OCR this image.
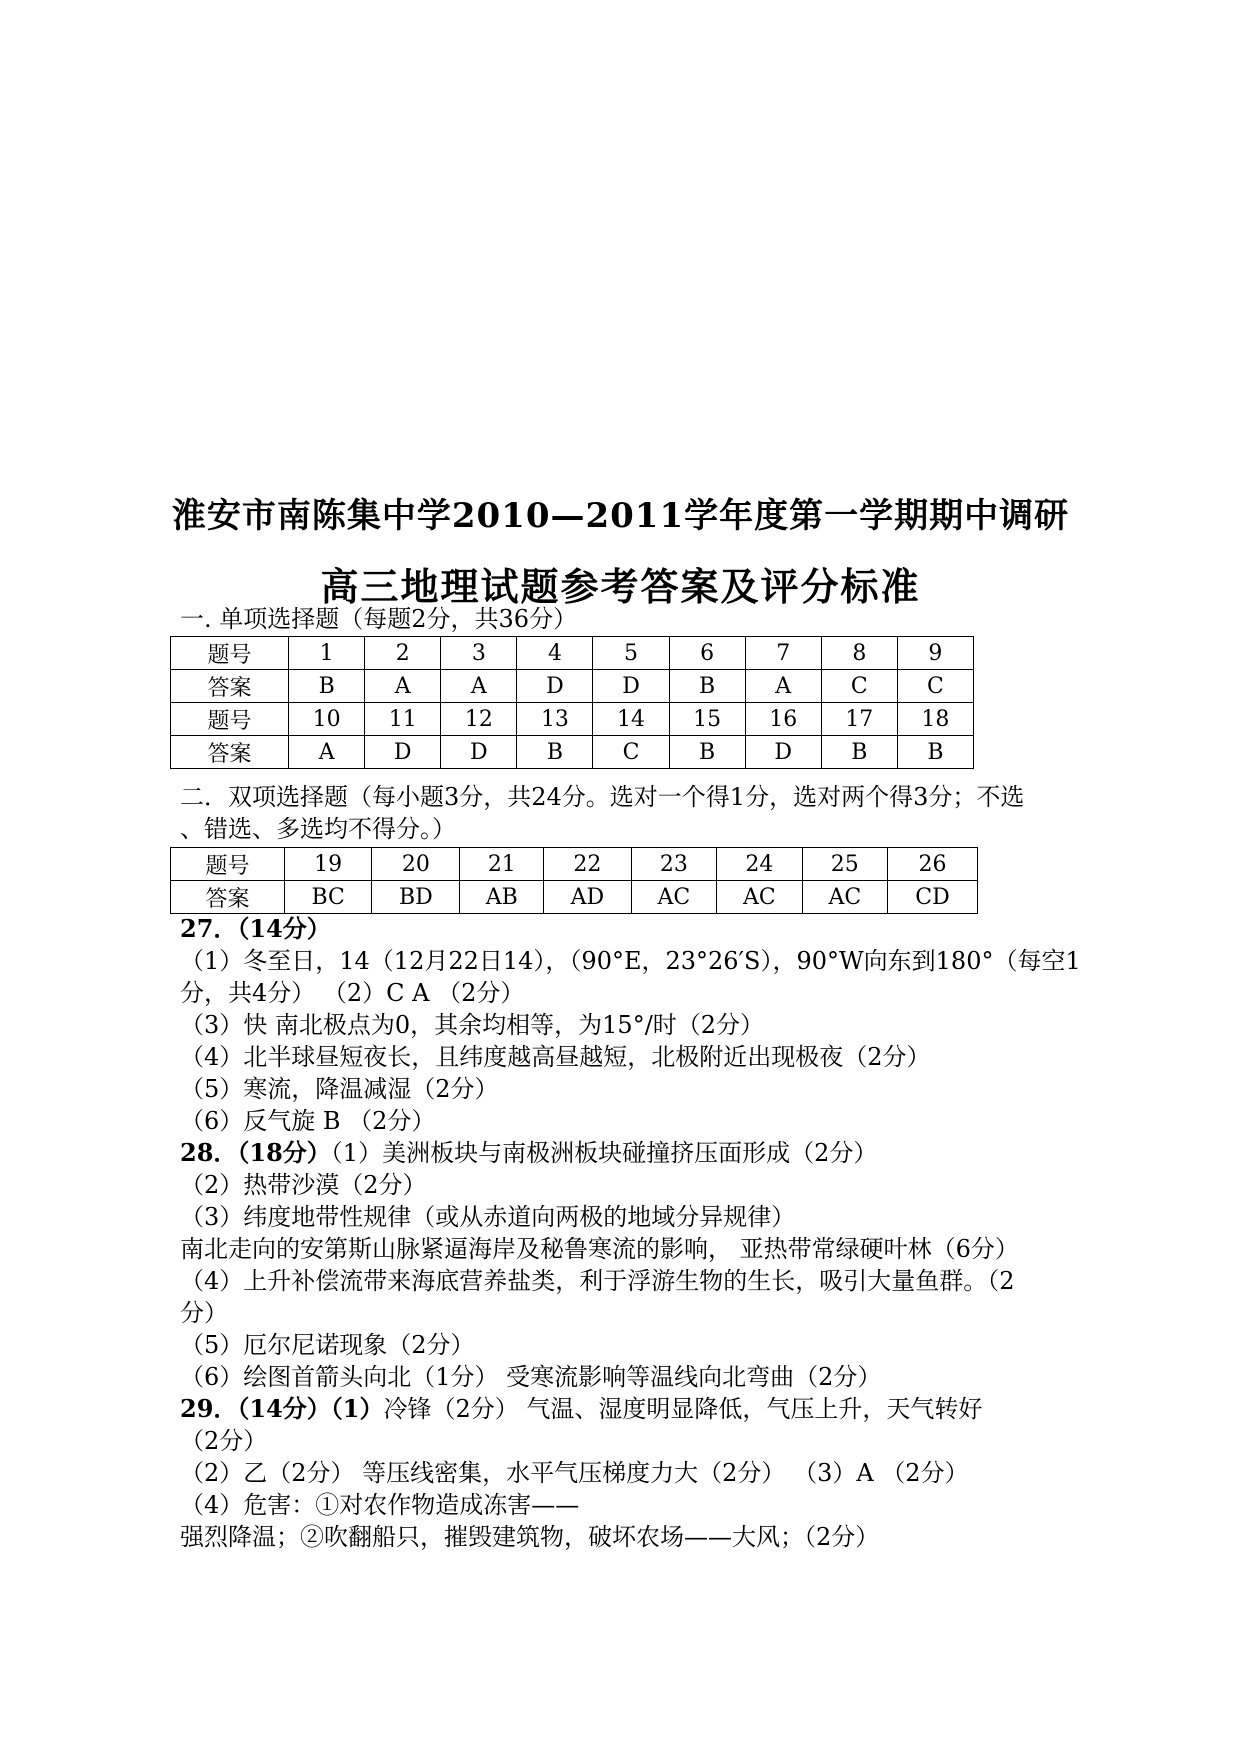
淮安市南陈集中学2010—2011学年度第一学期期中调研
高三地理试题参考答案及评分标准
一. 单项选择题（每题2分，共36分）
题号	1	2	3	4	5	6	7	8	9
答案	B	A	A	D	D	B	A	C	C
题号	10	11	12	13	14	15	16	17	18
答案	A	D	D	B	C	B	D	B	B
二．双项选择题（每小题3分，共24分。选对一个得1分，选对两个得3分；不选
、错选、多选均不得分。）
题号	19	20	21	22	23	24	25	26
答案	BC	BD	AB	AD	AC	AC	AC	CD
27．（14分）
（1）冬至日，14（12月22日14），（90°E，23°26′S），90°W向东到180°（每空1
分，共4分） （2）C A （2分）
（3）快 南北极点为0，其余均相等，为15°/时（2分）
（4）北半球昼短夜长，且纬度越高昼越短，北极附近出现极夜（2分）
（5）寒流，降温减湿（2分）
（6）反气旋 B （2分）
28．（18分）（1）美洲板块与南极洲板块碰撞挤压面形成（2分）
（2）热带沙漠（2分）
（3）纬度地带性规律（或从赤道向两极的地域分异规律）
南北走向的安第斯山脉紧逼海岸及秘鲁寒流的影响， 亚热带常绿硬叶林（6分）
（4）上升补偿流带来海底营养盐类，利于浮游生物的生长，吸引大量鱼群。（2
分）
（5）厄尔尼诺现象（2分）
（6）绘图首箭头向北（1分） 受寒流影响等温线向北弯曲（2分）
29．（14分）（1）冷锋（2分） 气温、湿度明显降低，气压上升，天气转好
（2分）
（2）乙（2分） 等压线密集，水平气压梯度力大（2分） （3）A （2分）
（4）危害：①对农作物造成冻害——
强烈降温；②吹翻船只，摧毁建筑物，破坏农场——大风；（2分）
